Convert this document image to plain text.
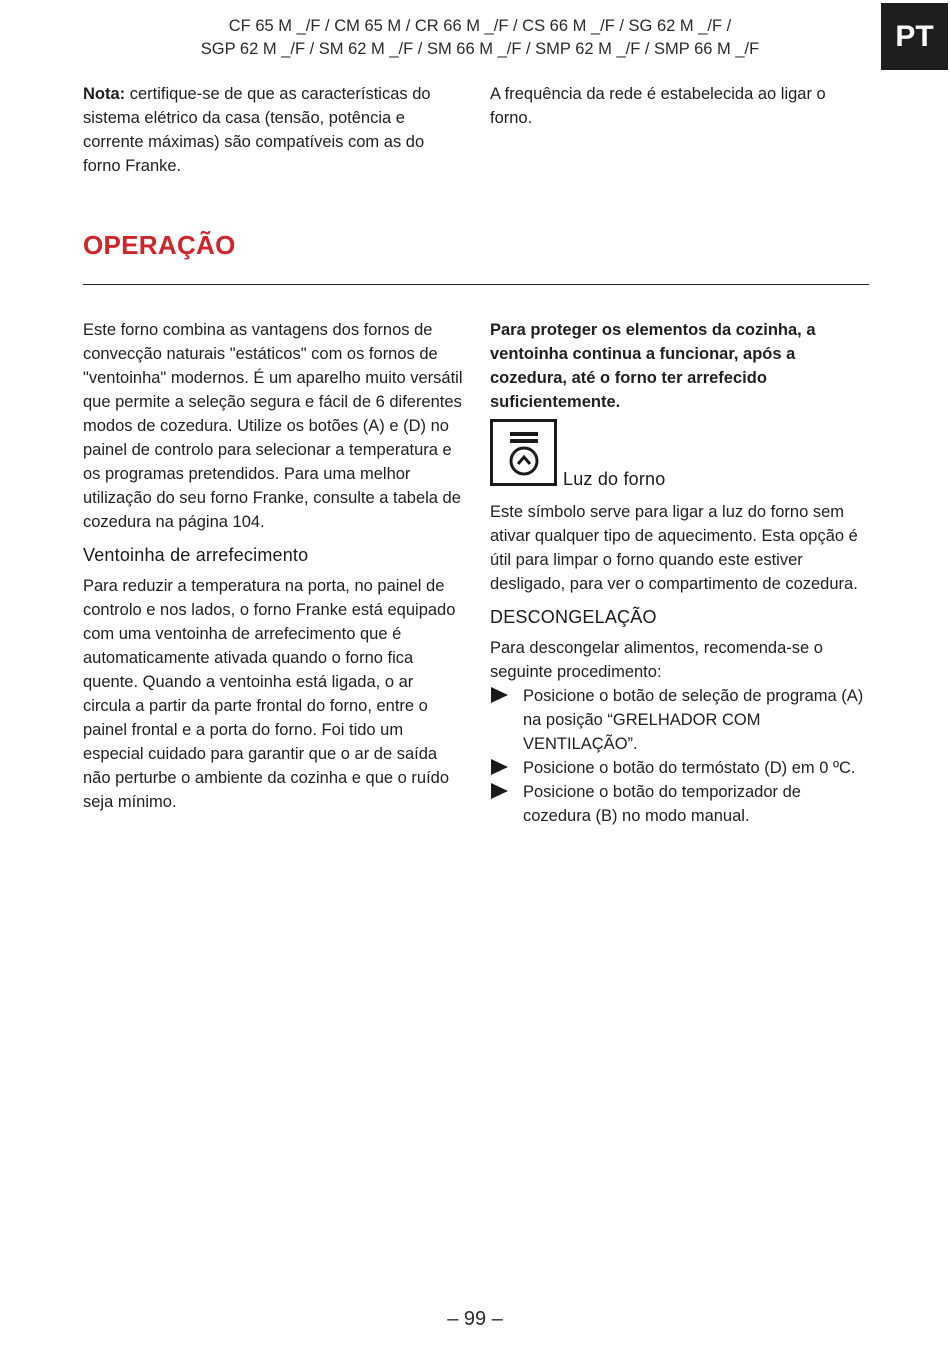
CF 65 M _/F / CM 65 M / CR 66 M _/F / CS 66 M _/F / SG 62 M _/F /
SGP 62 M _/F / SM 62 M _/F / SM 66 M _/F / SMP 62 M _/F / SMP 66 M _/F	PT

Nota: certifique-se de que as características do sistema elétrico da casa (tensão, potência e corrente máximas) são compatíveis com as do forno Franke.

A frequência da rede é estabelecida ao ligar o forno.

OPERAÇÃO

Este forno combina as vantagens dos fornos de convecção naturais "estáticos" com os fornos de "ventoinha" modernos. É um aparelho muito versátil que permite a seleção segura e fácil de 6 diferentes modos de cozedura. Utilize os botões (A) e (D) no painel de controlo para selecionar a temperatura e os programas pretendidos. Para uma melhor utilização do seu forno Franke, consulte a tabela de cozedura na página 104.

Ventoinha de arrefecimento

Para reduzir a temperatura na porta, no painel de controlo e nos lados, o forno Franke está equipado com uma ventoinha de arrefecimento que é automaticamente ativada quando o forno fica quente. Quando a ventoinha está ligada, o ar circula a partir da parte frontal do forno, entre o painel frontal e a porta do forno. Foi tido um especial cuidado para garantir que o ar de saída não perturbe o ambiente da cozinha e que o ruído seja mínimo.

Para proteger os elementos da cozinha, a ventoinha continua a funcionar, após a cozedura, até o forno ter arrefecido suficientemente.

Luz do forno

Este símbolo serve para ligar a luz do forno sem ativar qualquer tipo de aquecimento. Esta opção é útil para limpar o forno quando este estiver desligado, para ver o compartimento de cozedura.

DESCONGELAÇÃO

Para descongelar alimentos, recomenda-se o seguinte procedimento:

Posicione o botão de seleção de programa (A) na posição “GRELHADOR COM VENTILAÇÃO”.
Posicione o botão do termóstato (D) em 0 ºC.
Posicione o botão do temporizador de cozedura (B) no modo manual.
– 99 –
